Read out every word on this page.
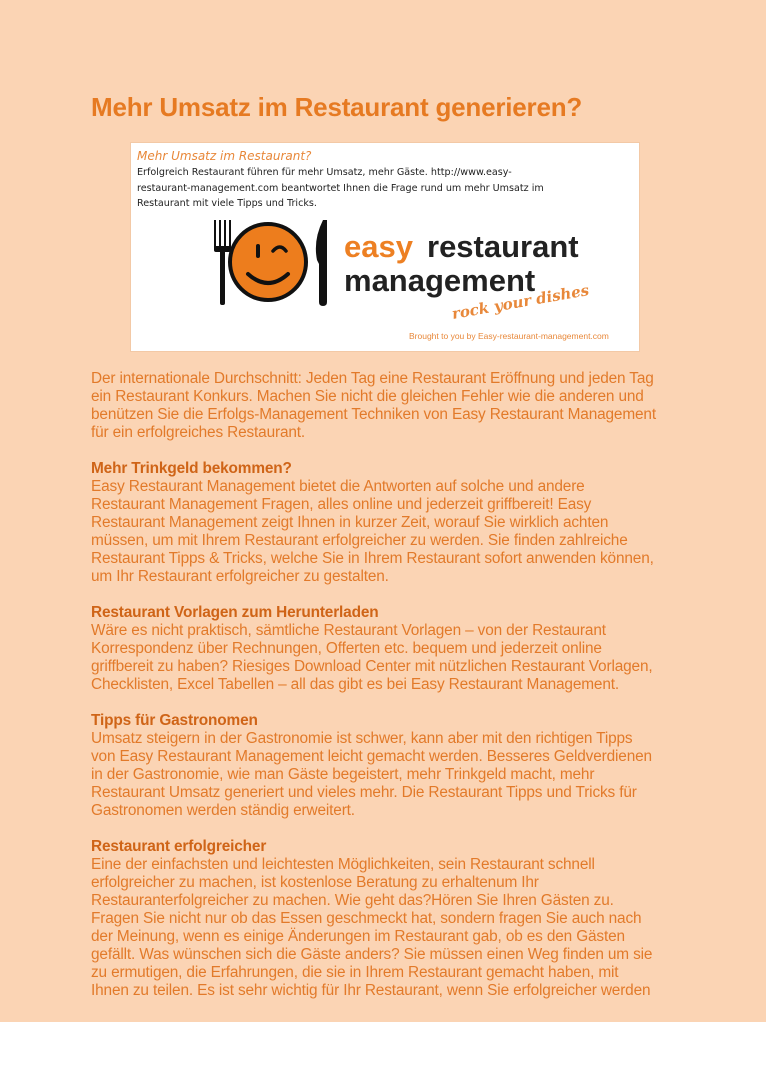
Mehr Umsatz im Restaurant generieren?
Mehr Umsatz im Restaurant?
Erfolgreich Restaurant führen für mehr Umsatz, mehr Gäste. http://www.easy-
restaurant-management.com beantwortet Ihnen die Frage rund um mehr Umsatz im
Restaurant mit viele Tipps und Tricks.
easy restaurant
management
rock your dishes
Brought to you by Easy-restaurant-management.com

Der internationale Durchschnitt: Jeden Tag eine Restaurant Eröffnung und jeden Tag
ein Restaurant Konkurs. Machen Sie nicht die gleichen Fehler wie die anderen und
benützen Sie die Erfolgs-Management Techniken von Easy Restaurant Management
für ein erfolgreiches Restaurant.

Mehr Trinkgeld bekommen?

Easy Restaurant Management bietet die Antworten auf solche und andere
Restaurant Management Fragen, alles online und jederzeit griffbereit! Easy
Restaurant Management zeigt Ihnen in kurzer Zeit, worauf Sie wirklich achten
müssen, um mit Ihrem Restaurant erfolgreicher zu werden. Sie finden zahlreiche
Restaurant Tipps & Tricks, welche Sie in Ihrem Restaurant sofort anwenden können,
um Ihr Restaurant erfolgreicher zu gestalten.

Restaurant Vorlagen zum Herunterladen

Wäre es nicht praktisch, sämtliche Restaurant Vorlagen – von der Restaurant
Korrespondenz über Rechnungen, Offerten etc. bequem und jederzeit online
griffbereit zu haben? Riesiges Download Center mit nützlichen Restaurant Vorlagen,
Checklisten, Excel Tabellen – all das gibt es bei Easy Restaurant Management.

Tipps für Gastronomen

Umsatz steigern in der Gastronomie ist schwer, kann aber mit den richtigen Tipps
von Easy Restaurant Management leicht gemacht werden. Besseres Geldverdienen
in der Gastronomie, wie man Gäste begeistert, mehr Trinkgeld macht, mehr
Restaurant Umsatz generiert und vieles mehr. Die Restaurant Tipps und Tricks für
Gastronomen werden ständig erweitert.

Restaurant erfolgreicher

Eine der einfachsten und leichtesten Möglichkeiten, sein Restaurant schnell
erfolgreicher zu machen, ist kostenlose Beratung zu erhaltenum Ihr
Restauranterfolgreicher zu machen. Wie geht das?Hören Sie Ihren Gästen zu.
Fragen Sie nicht nur ob das Essen geschmeckt hat, sondern fragen Sie auch nach
der Meinung, wenn es einige Änderungen im Restaurant gab, ob es den Gästen
gefällt. Was wünschen sich die Gäste anders? Sie müssen einen Weg finden um sie
zu ermutigen, die Erfahrungen, die sie in Ihrem Restaurant gemacht haben, mit
Ihnen zu teilen. Es ist sehr wichtig für Ihr Restaurant, wenn Sie erfolgreicher werden
